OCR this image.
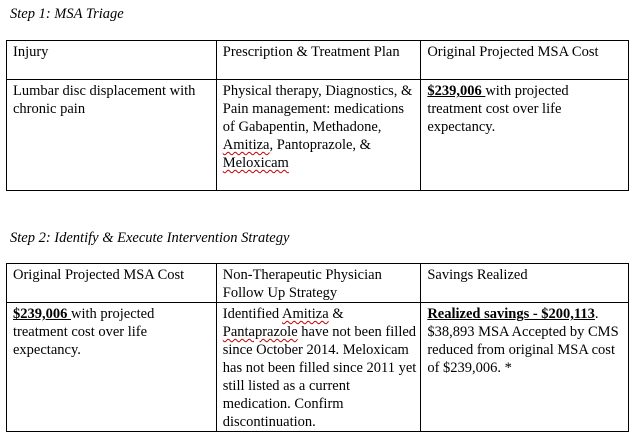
Step 1: MSA Triage
Injury	Prescription & Treatment Plan	Original Projected MSA Cost
Lumbar disc displacement with chronic pain	Physical therapy, Diagnostics, & Pain management: medications of Gabapentin, Methadone, Amitiza, Pantoprazole, & Meloxicam	$239,006 with projected treatment cost over life expectancy.
Step 2: Identify & Execute Intervention Strategy
Original Projected MSA Cost	Non-Therapeutic Physician Follow Up Strategy	Savings Realized
$239,006 with projected treatment cost over life expectancy.	Identified Amitiza & Pantaprazole have not been filled since October 2014. Meloxicam has not been filled since 2011 yet still listed as a current medication. Confirm discontinuation.	Realized savings - $200,113. $38,893 MSA Accepted by CMS reduced from original MSA cost of $239,006. *
